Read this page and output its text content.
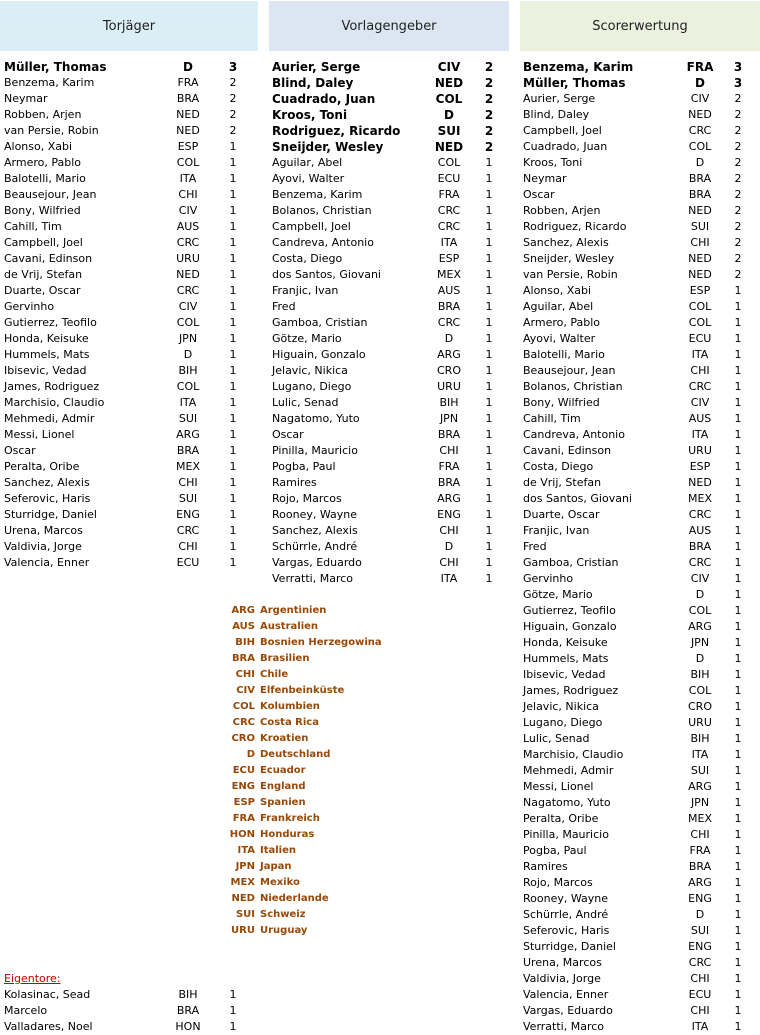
Torjäger	Vorlagengeber	Scorerwertung
Müller, Thomas	D	3
Benzema, Karim	FRA	2
Neymar	BRA	2
Robben, Arjen	NED	2
van Persie, Robin	NED	2
Alonso, Xabi	ESP	1
Armero, Pablo	COL	1
Balotelli, Mario	ITA	1
Beausejour, Jean	CHI	1
Bony, Wilfried	CIV	1
Cahill, Tim	AUS	1
Campbell, Joel	CRC	1
Cavani, Edinson	URU	1
de Vrij, Stefan	NED	1
Duarte, Oscar	CRC	1
Gervinho	CIV	1
Gutierrez, Teofilo	COL	1
Honda, Keisuke	JPN	1
Hummels, Mats	D	1
Ibisevic, Vedad	BIH	1
James, Rodriguez	COL	1
Marchisio, Claudio	ITA	1
Mehmedi, Admir	SUI	1
Messi, Lionel	ARG	1
Oscar	BRA	1
Peralta, Oribe	MEX	1
Sanchez, Alexis	CHI	1
Seferovic, Haris	SUI	1
Sturridge, Daniel	ENG	1
Urena, Marcos	CRC	1
Valdivia, Jorge	CHI	1
Valencia, Enner	ECU	1
Aurier, Serge	CIV	2
Blind, Daley	NED	2
Cuadrado, Juan	COL	2
Kroos, Toni	D	2
Rodriguez, Ricardo	SUI	2
Sneijder, Wesley	NED	2
Aguilar, Abel	COL	1
Ayovi, Walter	ECU	1
Benzema, Karim	FRA	1
Bolanos, Christian	CRC	1
Campbell, Joel	CRC	1
Candreva, Antonio	ITA	1
Costa, Diego	ESP	1
dos Santos, Giovani	MEX	1
Franjic, Ivan	AUS	1
Fred	BRA	1
Gamboa, Cristian	CRC	1
Götze, Mario	D	1
Higuain, Gonzalo	ARG	1
Jelavic, Nikica	CRO	1
Lugano, Diego	URU	1
Lulic, Senad	BIH	1
Nagatomo, Yuto	JPN	1
Oscar	BRA	1
Pinilla, Mauricio	CHI	1
Pogba, Paul	FRA	1
Ramires	BRA	1
Rojo, Marcos	ARG	1
Rooney, Wayne	ENG	1
Sanchez, Alexis	CHI	1
Schürrle, André	D	1
Vargas, Eduardo	CHI	1
Verratti, Marco	ITA	1
Benzema, Karim	FRA	3
Müller, Thomas	D	3
Aurier, Serge	CIV	2
Blind, Daley	NED	2
Campbell, Joel	CRC	2
Cuadrado, Juan	COL	2
Kroos, Toni	D	2
Neymar	BRA	2
Oscar	BRA	2
Robben, Arjen	NED	2
Rodriguez, Ricardo	SUI	2
Sanchez, Alexis	CHI	2
Sneijder, Wesley	NED	2
van Persie, Robin	NED	2
Alonso, Xabi	ESP	1
Aguilar, Abel	COL	1
Armero, Pablo	COL	1
Ayovi, Walter	ECU	1
Balotelli, Mario	ITA	1
Beausejour, Jean	CHI	1
Bolanos, Christian	CRC	1
Bony, Wilfried	CIV	1
Cahill, Tim	AUS	1
Candreva, Antonio	ITA	1
Cavani, Edinson	URU	1
Costa, Diego	ESP	1
de Vrij, Stefan	NED	1
dos Santos, Giovani	MEX	1
Duarte, Oscar	CRC	1
Franjic, Ivan	AUS	1
Fred	BRA	1
Gamboa, Cristian	CRC	1
Gervinho	CIV	1
Götze, Mario	D	1
Gutierrez, Teofilo	COL	1
Higuain, Gonzalo	ARG	1
Honda, Keisuke	JPN	1
Hummels, Mats	D	1
Ibisevic, Vedad	BIH	1
James, Rodriguez	COL	1
Jelavic, Nikica	CRO	1
Lugano, Diego	URU	1
Lulic, Senad	BIH	1
Marchisio, Claudio	ITA	1
Mehmedi, Admir	SUI	1
Messi, Lionel	ARG	1
Nagatomo, Yuto	JPN	1
Peralta, Oribe	MEX	1
Pinilla, Mauricio	CHI	1
Pogba, Paul	FRA	1
Ramires	BRA	1
Rojo, Marcos	ARG	1
Rooney, Wayne	ENG	1
Schürrle, André	D	1
Seferovic, Haris	SUI	1
Sturridge, Daniel	ENG	1
Urena, Marcos	CRC	1
Valdivia, Jorge	CHI	1
Valencia, Enner	ECU	1
Vargas, Eduardo	CHI	1
Verratti, Marco	ITA	1
ARG Argentinien
AUS Australien
BIH Bosnien Herzegowina
BRA Brasilien
CHI Chile
CIV Elfenbeinküste
COL Kolumbien
CRC Costa Rica
CRO Kroatien
D Deutschland
ECU Ecuador
ENG England
ESP Spanien
FRA Frankreich
HON Honduras
ITA Italien
JPN Japan
MEX Mexiko
NED Niederlande
SUI Schweiz
URU Uruguay
Eigentore:
Kolasinac, Sead	BIH	1
Marcelo	BRA	1
Valladares, Noel	HON	1
